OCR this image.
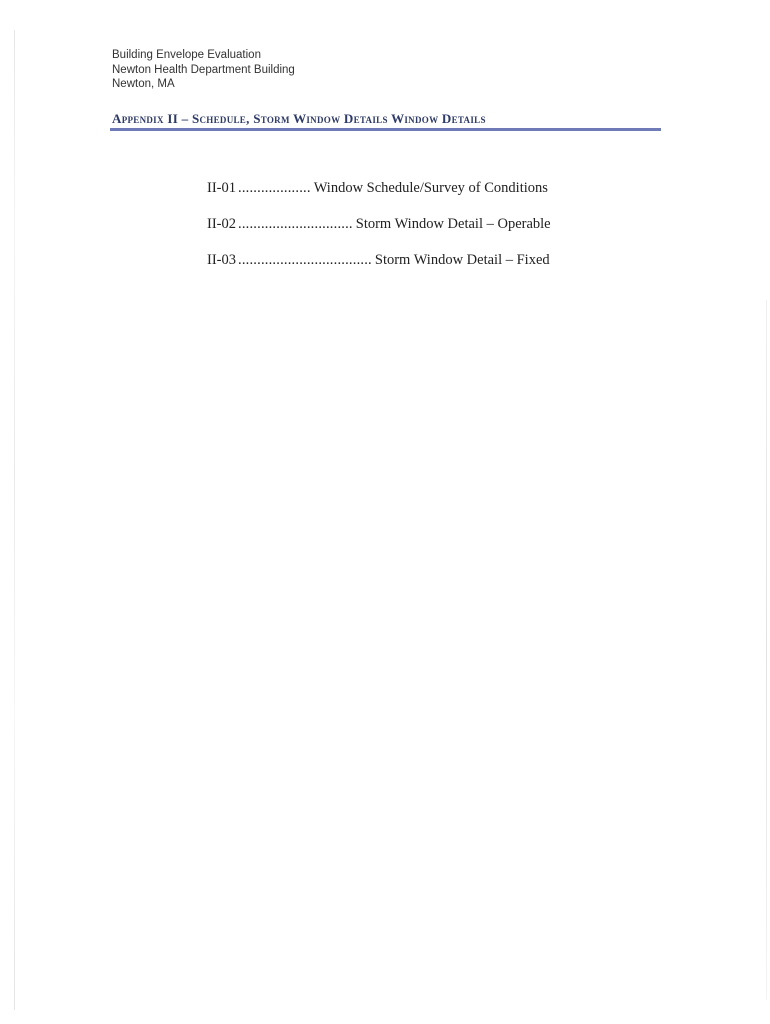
Building Envelope Evaluation
Newton Health Department Building
Newton, MA
Appendix II – Schedule, Storm Window Details Window Details
II-01 ................... Window Schedule/Survey of Conditions
II-02 .............................. Storm Window Detail – Operable
II-03 ................................... Storm Window Detail – Fixed
